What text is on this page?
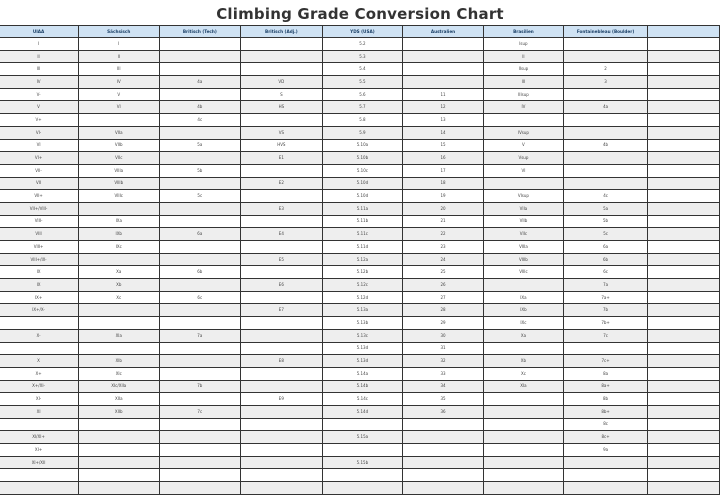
Climbing Grade Conversion Chart
	UIAA	Sächsisch	Britisch (Tech)	Britisch (Adj.)	YDS (USA)	Australien	Brasilien	Fontainebleau (Boulder)	
	I	I			5.2		Isup		
	II	II			5.3		II		
	III	III			5.4		IIsup	2	
	IV	IV	4a	VD	5.5		III	3	
	V-	V		S	5.6	11	IIIsup		
	V	VI	4b	HS	5.7	12	IV	4a	
	V+		4c		5.8	13			
	VI-	VIIa		VS	5.9	14	IVsup		
	VI	VIIb	5a	HVS	5.10a	15	V	4b	
	VI+	VIIc		E1	5.10b	16	Vsup		
	VII-	VIIIa	5b		5.10c	17	VI		
	VII	VIIIb		E2	5.10d	18			
	VII+	VIIIc	5c		5.10d	19	VIsup	4c	
	VII+/VIII-			E3	5.11a	20	VIIa	5a	
	VIII-	IXa			5.11b	21	VIIb	5b	
	VIII	IXb	6a	E4	5.11c	22	VIIc	5c	
	VIII+	IXc			5.11d	23	VIIIa	6a	
	VIII+/IX-			E5	5.12a	24	VIIIb	6b	
	IX	Xa	6b		5.12b	25	VIIIc	6c	
	IX	Xb		E6	5.12c	26		7a	
	IX+	Xc	6c		5.12d	27	IXa	7a+	
	IX+/X-			E7	5.13a	28	IXb	7b	
					5.13b	29	IXc	7b+	
	X-	XIa	7a		5.13c	30	Xa	7c	
					5.13d	31			
	X	XIb		E8	5.13d	32	Xb	7c+	
	X+	XIc			5.14a	33	Xc	8a	
	X+/XI-	XIc/XIIa	7b		5.14b	34	XIa	8a+	
	XI-	XIIa		E9	5.14c	35		8b	
	XI	XIIb	7c		5.14d	36		8b+	
								8c	
	XI/XI+				5.15a			8c+	
	XI+							9a	
	XI+/XII				5.15b				
